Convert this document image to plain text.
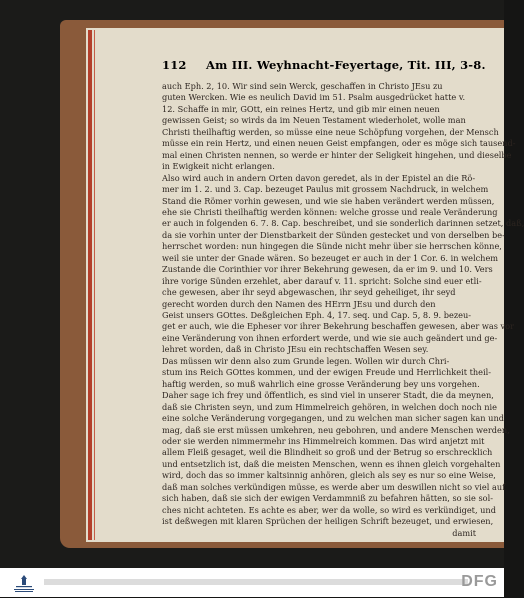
112 Am III. Weyhnacht-Feyertage, Tit. III, 3-8.
auch Eph. 2, 10. Wir sind sein Werck, geschaffen in Christo JEsu zu
guten Wercken. Wie es neulich David im 51. Psalm ausgedrücket hatte v.
12. Schaffe in mir, GOtt, ein reines Hertz, und gib mir einen neuen
gewissen Geist; so wirds da im Neuen Testament wiederholet, wolle man
Christi theilhaftig werden, so müsse eine neue Schöpfung vorgehen, der Mensch
müsse ein rein Hertz, und einen neuen Geist empfangen, oder es möge sich tausend-
mal einen Christen nennen, so werde er hinter der Seligkeit hingehen, und dieselbe
in Ewigkeit nicht erlangen.
Also wird auch in andern Orten davon geredet, als in der Epistel an die Rö-
mer im 1. 2. und 3. Cap. bezeuget Paulus mit grossem Nachdruck, in welchem
Stand die Römer vorhin gewesen, und wie sie haben verändert werden müssen,
ehe sie Christi theilhaftig werden können: welche grosse und reale Veränderung
er auch in folgenden 6. 7. 8. Cap. beschreibet, und sie sonderlich darinnen setzet, daß,
da sie vorhin unter der Dienstbarkeit der Sünden gestecket und von derselben be-
herrschet worden: nun hingegen die Sünde nicht mehr über sie herrschen könne,
weil sie unter der Gnade wären. So bezeuget er auch in der 1 Cor. 6. in welchem
Zustande die Corinthier vor ihrer Bekehrung gewesen, da er im 9. und 10. Vers
ihre vorige Sünden erzehlet, aber darauf v. 11. spricht: Solche sind euer etli-
che gewesen, aber ihr seyd abgewaschen, ihr seyd geheiliget, ihr seyd
gerecht worden durch den Namen des HErrn JEsu und durch den
Geist unsers GOttes. Deßgleichen Eph. 4, 17. seq. und Cap. 5, 8. 9. bezeu-
get er auch, wie die Epheser vor ihrer Bekehrung beschaffen gewesen, aber was vor
eine Veränderung von ihnen erfordert werde, und wie sie auch geändert und ge-
lehret worden, daß in Christo JEsu ein rechtschaffen Wesen sey.
Das müssen wir denn also zum Grunde legen. Wollen wir durch Chri-
stum ins Reich GOttes kommen, und der ewigen Freude und Herrlichkeit theil-
haftig werden, so muß wahrlich eine grosse Veränderung bey uns vorgehen.
Daher sage ich frey und öffentlich, es sind viel in unserer Stadt, die da meynen,
daß sie Christen seyn, und zum Himmelreich gehören, in welchen doch noch nie
eine solche Veränderung vorgegangen, und zu welchen man sicher sagen kan und
mag, daß sie erst müssen umkehren, neu gebohren, und andere Menschen werden,
oder sie werden nimmermehr ins Himmelreich kommen. Das wird anjetzt mit
allem Fleiß gesaget, weil die Blindheit so groß und der Betrug so erschrecklich
und entsetzlich ist, daß die meisten Menschen, wenn es ihnen gleich vorgehalten
wird, doch das so immer kaltsinnig anhören, gleich als sey es nur so eine Weise,
daß man solches verkündigen müsse, es werde aber um deswillen nicht so viel auf
sich haben, daß sie sich der ewigen Verdammniß zu befahren hätten, so sie sol-
ches nicht achteten. Es achte es aber, wer da wolle, so wird es verkündiget, und
ist deßwegen mit klaren Sprüchen der heiligen Schrift bezeuget, und erwiesen,
damit
DFG
